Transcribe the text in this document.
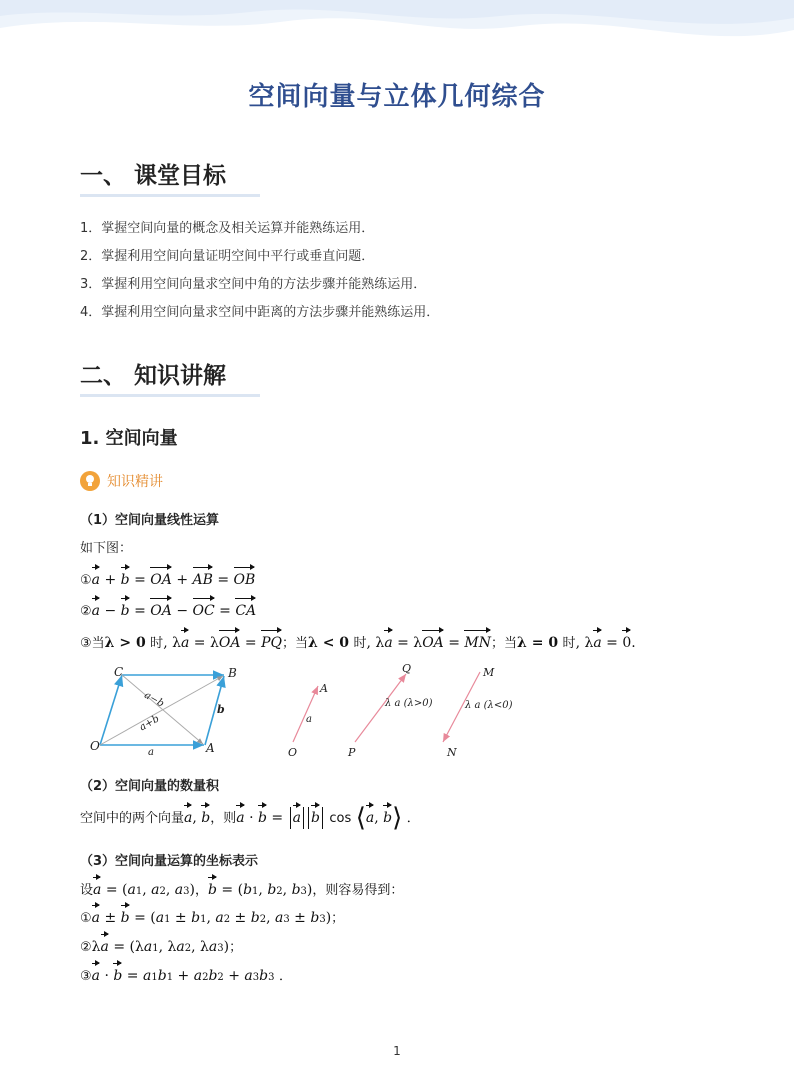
空间向量与立体几何综合
一、 课堂目标
1．掌握空间向量的概念及相关运算并能熟练运用．
2．掌握利用空间向量证明空间中平行或垂直问题．
3．掌握利用空间向量求空间中角的方法步骤并能熟练运用．
4．掌握利用空间向量求空间中距离的方法步骤并能熟练运用．
二、 知识讲解
1. 空间向量
知识精讲
（1）空间向量线性运算
如下图：
①a + b = OA + AB = OB
②a − b = OA − OC = CA
③当λ > 0 时, λa = λOA = PQ；当λ < 0 时, λa = λOA = MN；当λ = 0 时, λa = 0.
C	B
O	A
a−b
a+b
a
b
O
A
a
P
Q
λ a (λ>0)
M
N
λ a (λ<0)
（2）空间向量的数量积
空间中的两个向量a, b，则a · b = a b cos ⟨a, b⟩ ．
（3）空间向量运算的坐标表示
设a = (a1, a2, a3)，b = (b1, b2, b3)，则容易得到：
①a ± b = (a1 ± b1, a2 ± b2, a3 ± b3)；
②λa = (λa1, λa2, λa3)；
③a · b = a1b1 + a2b2 + a3b3 ．
1
